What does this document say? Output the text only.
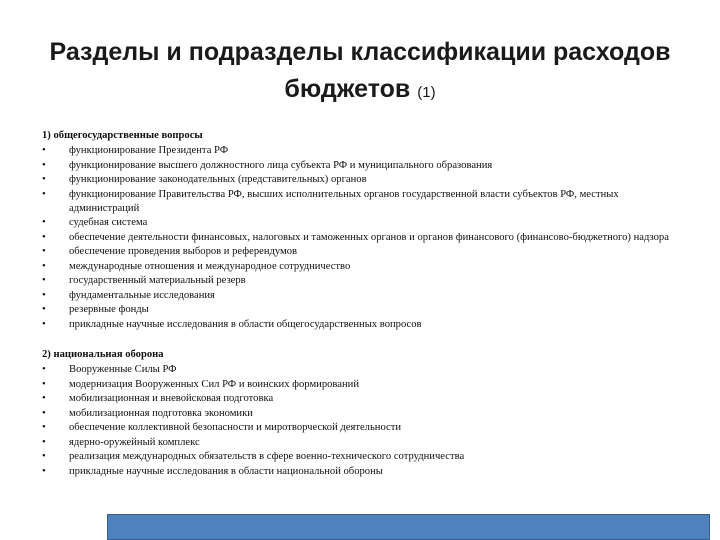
Разделы и подразделы классификации расходов бюджетов (1)
1) общегосударственные вопросы
•	функционирование Президента РФ
•	функционирование высшего должностного лица субъекта РФ и муниципального образования
•	функционирование законодательных (представительных) органов
•	функционирование Правительства РФ, высших исполнительных органов государственной власти субъектов РФ, местных администраций
•	судебная система
•	обеспечение деятельности финансовых, налоговых и таможенных органов и органов финансового (финансово-бюджетного) надзора
•	обеспечение проведения выборов и референдумов
•	международные отношения и международное сотрудничество
•	государственный материальный резерв
•	фундаментальные исследования
•	резервные фонды
•	прикладные научные исследования в области общегосударственных вопросов
2) национальная оборона
•	Вооруженные Силы РФ
•	модернизация Вооруженных Сил РФ и воинских формирований
•	мобилизационная и вневойсковая подготовка
•	мобилизационная подготовка экономики
•	обеспечение коллективной безопасности и миротворческой деятельности
•	ядерно-оружейный комплекс
•	реализация международных обязательств в сфере военно-технического сотрудничества
•	прикладные научные исследования в области национальной обороны
